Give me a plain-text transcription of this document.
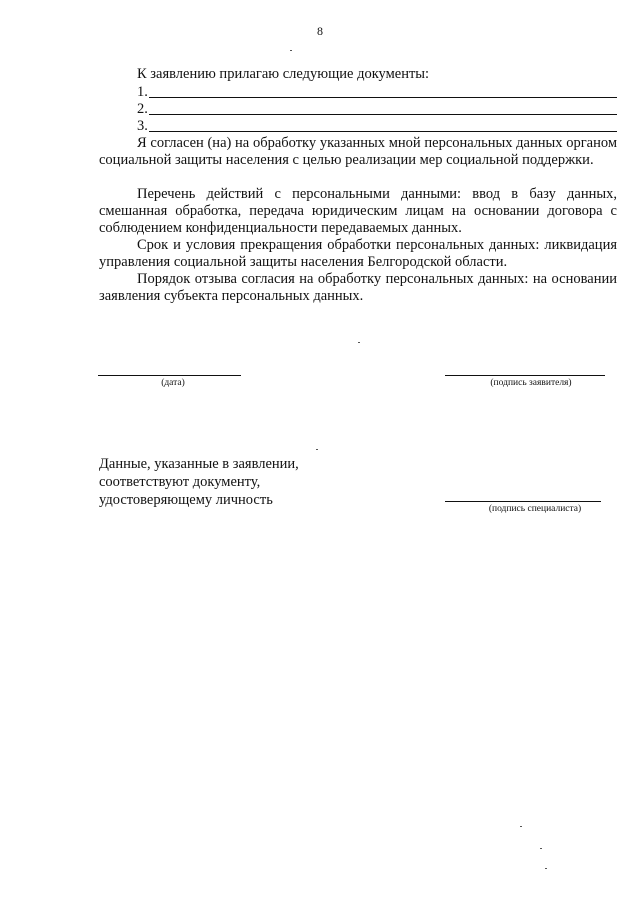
8
К заявлению прилагаю следующие документы:
1.
2.
3.
Я согласен (на) на обработку указанных мной персональных данных органом социальной защиты населения с целью реализации мер социальной поддержки.
Перечень действий с персональными данными: ввод в базу данных, смешанная обработка, передача юридическим лицам на основании договора с соблюдением конфиденциальности передаваемых данных.
Срок и условия прекращения обработки персональных данных: ликвидация управления социальной защиты населения Белгородской области.
Порядок отзыва согласия на обработку персональных данных: на основании заявления субъекта персональных данных.
(дата)	(подпись заявителя)
Данные, указанные в заявлении,
соответствуют документу,
удостоверяющему личность
(подпись специалиста)
